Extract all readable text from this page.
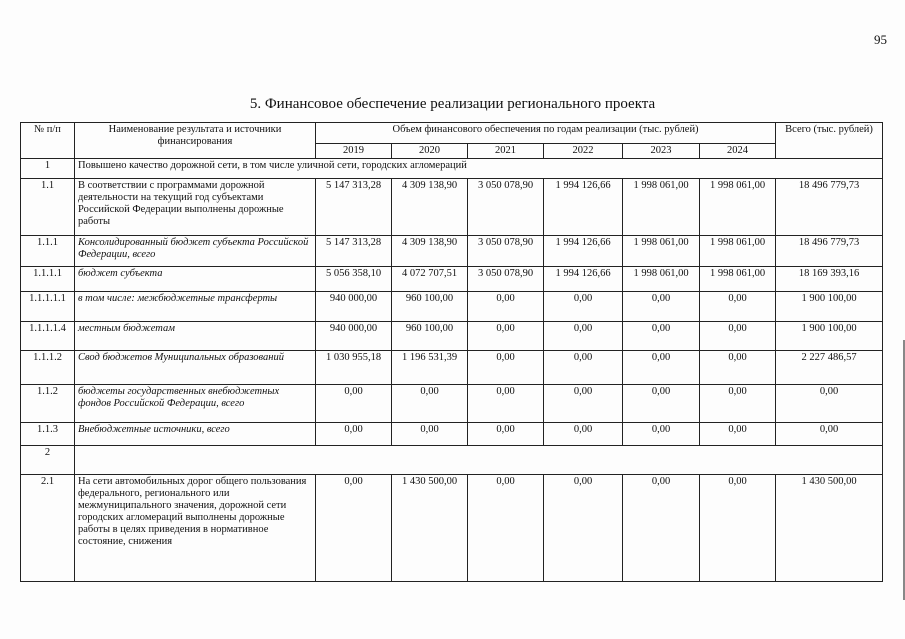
95
5. Финансовое обеспечение реализации регионального проекта
№ п/п	Наименование результата и источники финансирования	Объем финансового обеспечения по годам реализации (тыс. рублей)						Всего (тыс. рублей)
		2019	2020	2021	2022	2023	2024	
1	Повышено качество дорожной сети, в том числе уличной сети, городских агломераций							
1.1	В соответствии с программами дорожной деятельности на текущий год субъектами Российской Федерации выполнены дорожные работы	5 147 313,28	4 309 138,90	3 050 078,90	1 994 126,66	1 998 061,00	1 998 061,00	18 496 779,73
1.1.1	Консолидированный бюджет субъекта Российской Федерации, всего	5 147 313,28	4 309 138,90	3 050 078,90	1 994 126,66	1 998 061,00	1 998 061,00	18 496 779,73
1.1.1.1	бюджет субъекта	5 056 358,10	4 072 707,51	3 050 078,90	1 994 126,66	1 998 061,00	1 998 061,00	18 169 393,16
1.1.1.1.1	в том числе: межбюджетные трансферты	940 000,00	960 100,00	0,00	0,00	0,00	0,00	1 900 100,00
1.1.1.1.4	местным бюджетам	940 000,00	960 100,00	0,00	0,00	0,00	0,00	1 900 100,00
1.1.1.2	Свод бюджетов Муниципальных образований	1 030 955,18	1 196 531,39	0,00	0,00	0,00	0,00	2 227 486,57
1.1.2	бюджеты государственных внебюджетных фондов Российской Федерации, всего	0,00	0,00	0,00	0,00	0,00	0,00	0,00
1.1.3	Внебюджетные источники, всего	0,00	0,00	0,00	0,00	0,00	0,00	0,00
2								
2.1	На сети автомобильных дорог общего пользования федерального, регионального или межмуниципального значения, дорожной сети городских агломераций выполнены дорожные работы в целях приведения в нормативное состояние, снижения	0,00	1 430 500,00	0,00	0,00	0,00	0,00	1 430 500,00
